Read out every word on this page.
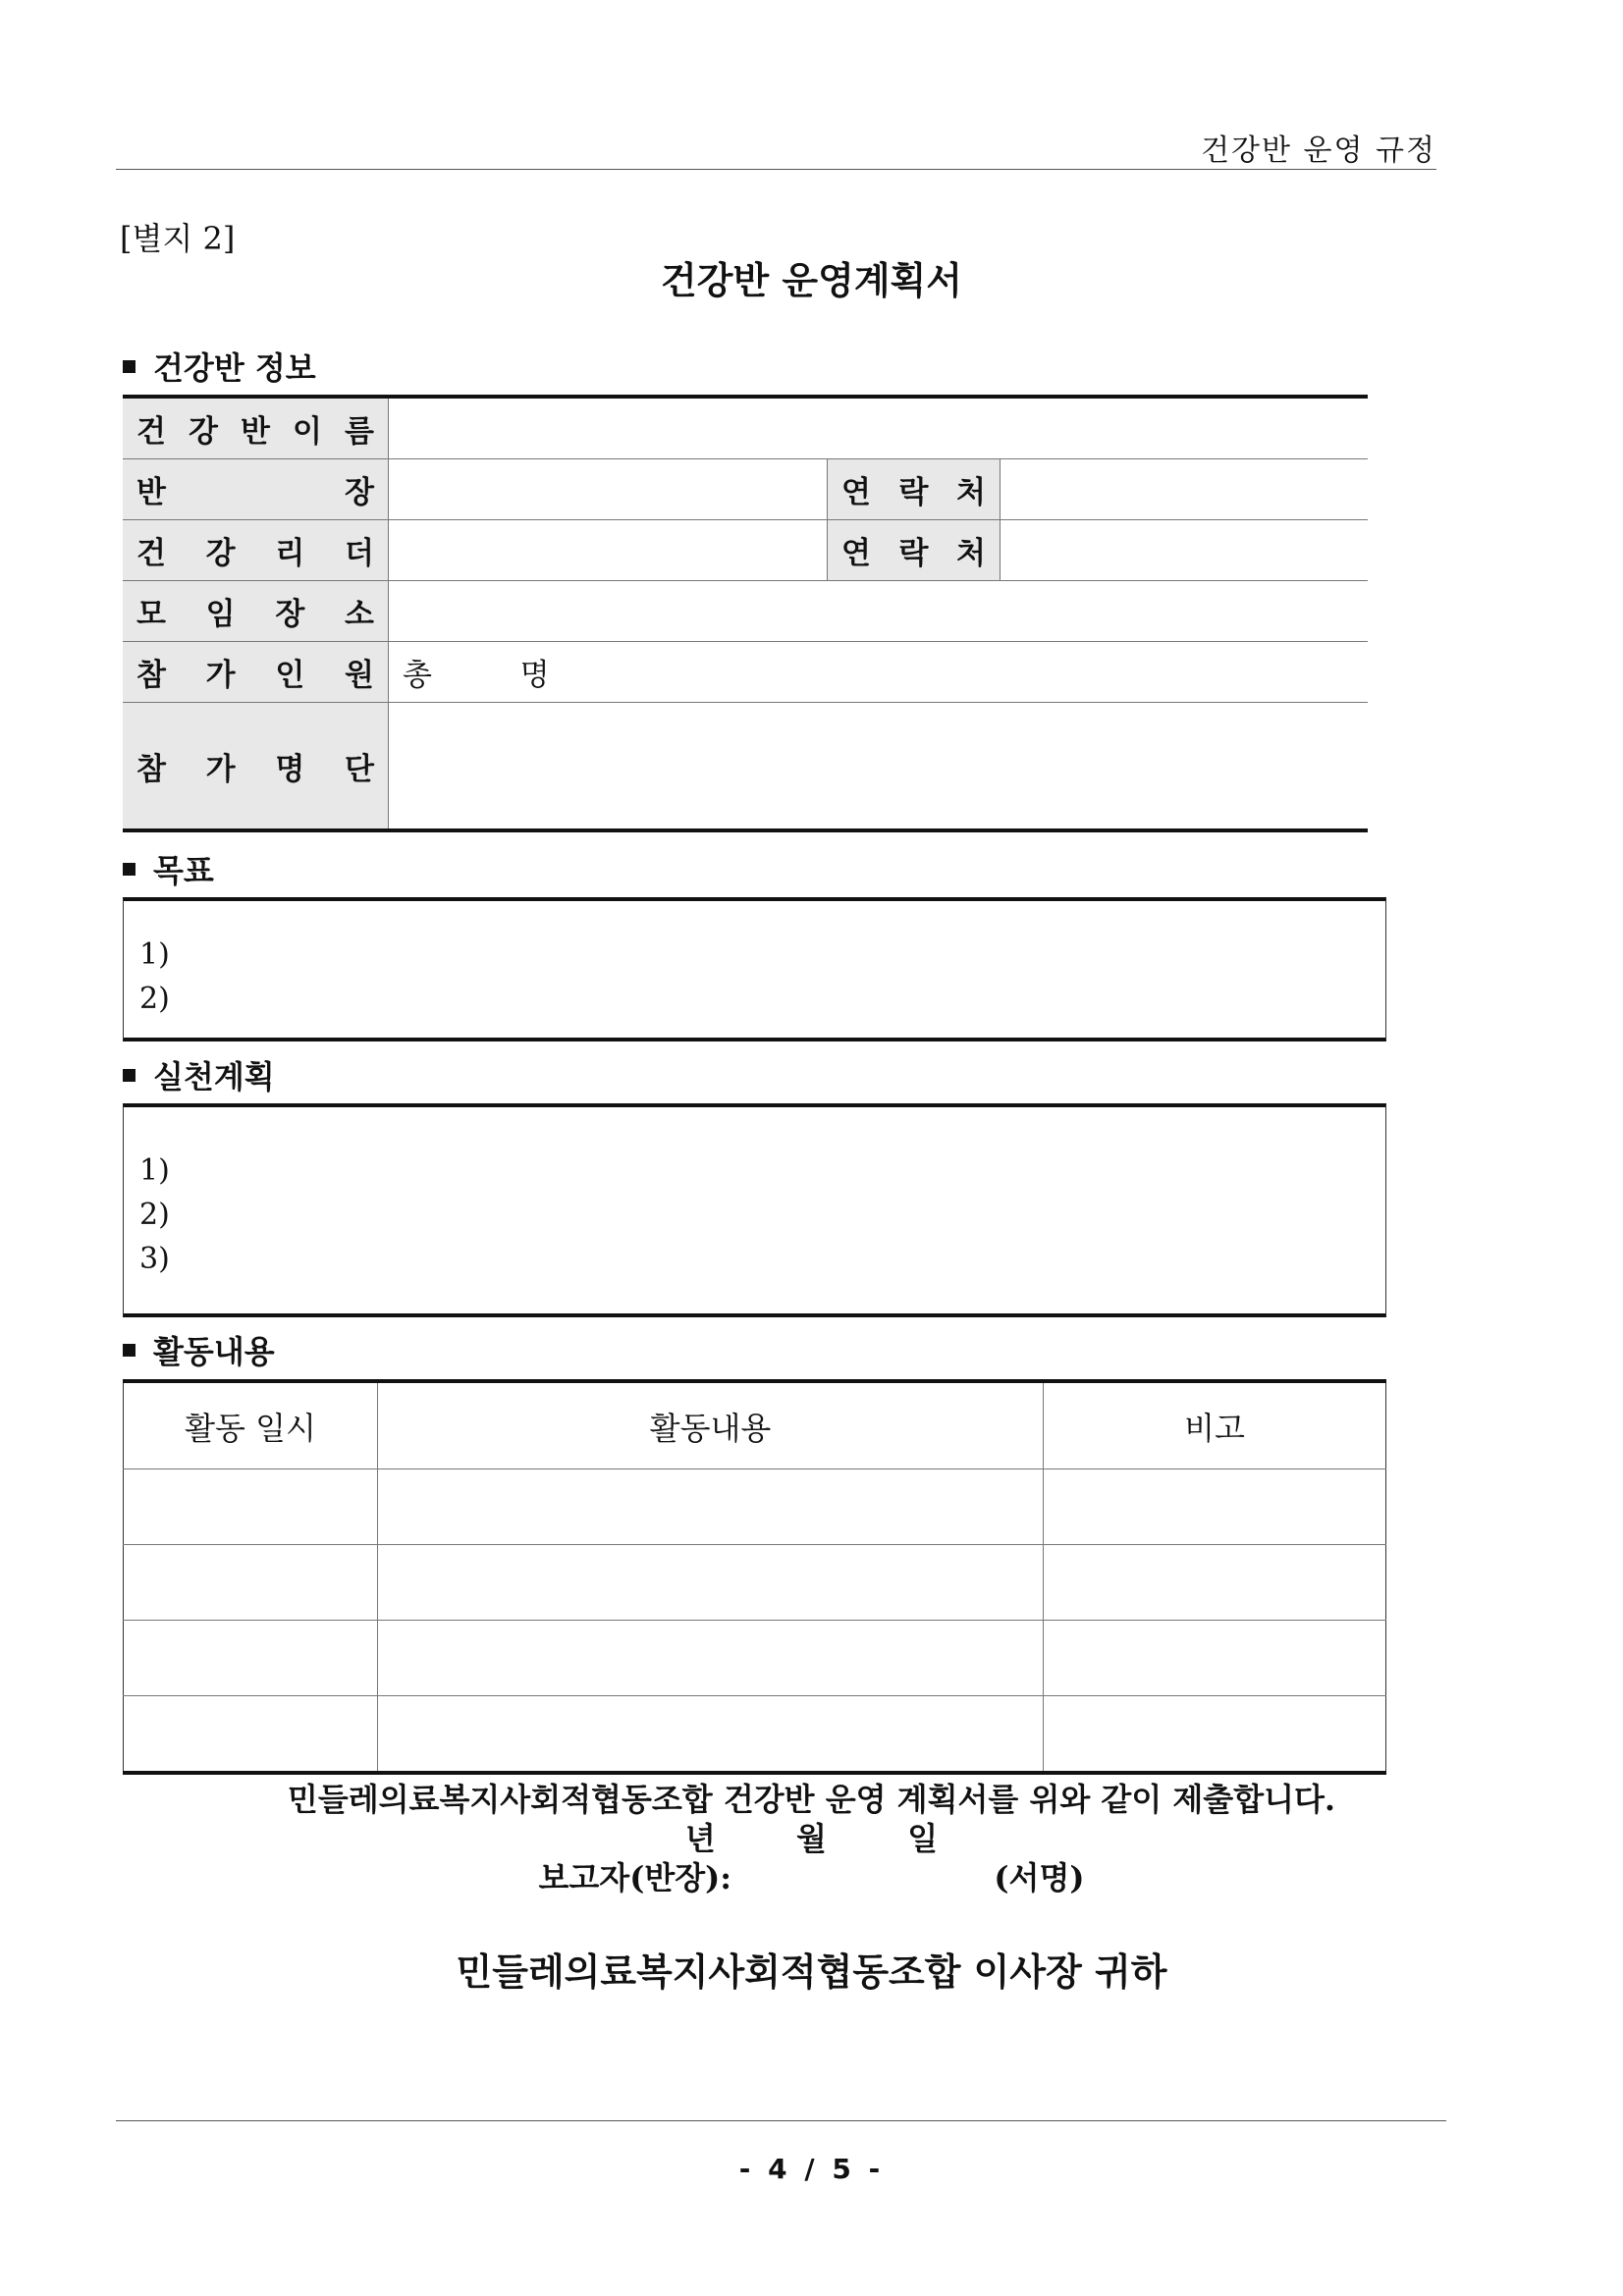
건강반 운영 규정
[별지 2]
건강반 운영계획서
건강반 정보
건 강 반 이 름			

반 장		연 락 처	

건 강 리 더		연 락 처	

모 임 장 소			

참 가 인 원	총 명		

참 가 명 단			

목표
1)
2)
실천계획
1)
2)
3)
활동내용
활동 일시	활동내용	비고

민들레의료복지사회적협동조합 건강반 운영 계획서를 위와 같이 제출합니다.
년	월	일
보고자(반장):	(서명)
민들레의료복지사회적협동조합 이사장 귀하
- 4 / 5 -
